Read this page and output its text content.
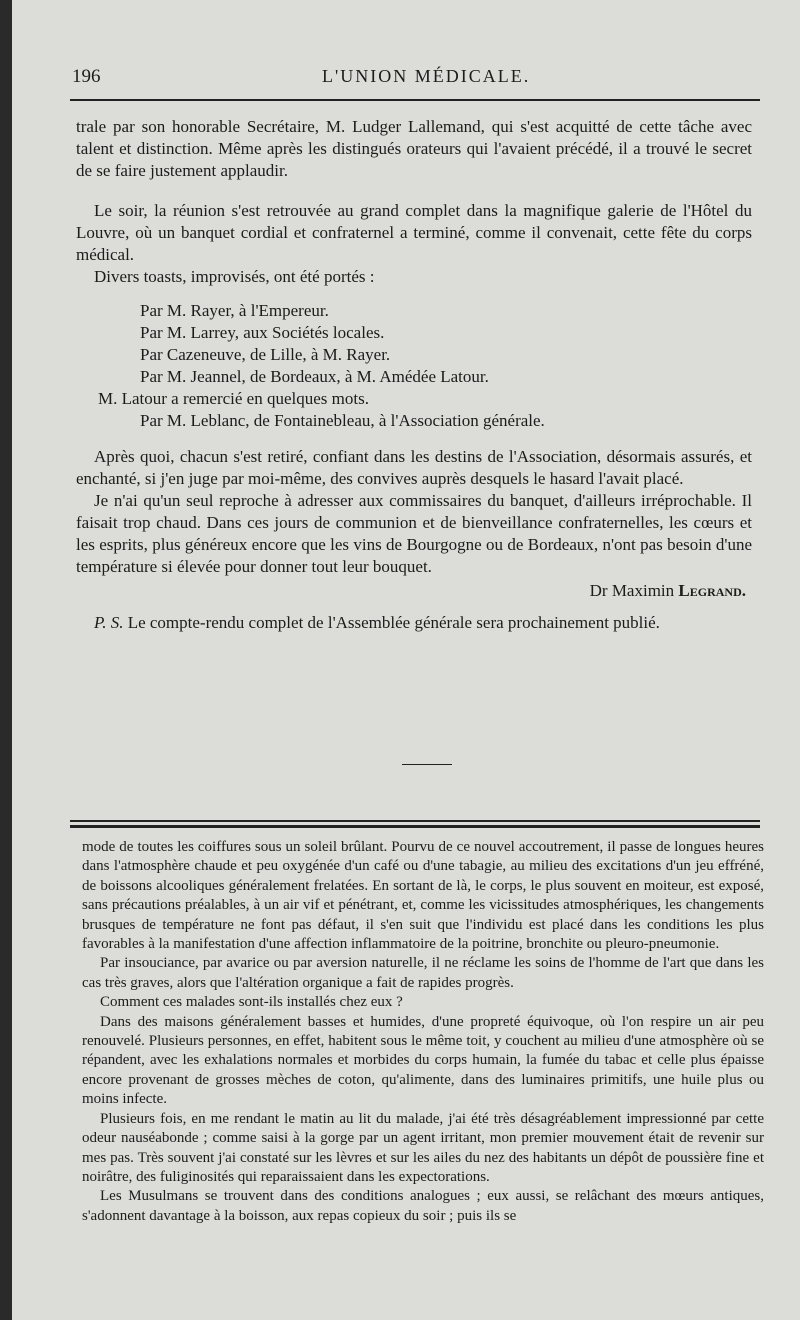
196	L'UNION MÉDICALE.

trale par son honorable Secrétaire, M. Ludger Lallemand, qui s'est acquitté de cette tâche avec talent et distinction. Même après les distingués orateurs qui l'avaient précédé, il a trouvé le secret de se faire justement applaudir.

Le soir, la réunion s'est retrouvée au grand complet dans la magnifique galerie de l'Hôtel du Louvre, où un banquet cordial et confraternel a terminé, comme il convenait, cette fête du corps médical.

Divers toasts, improvisés, ont été portés :

Par M. Rayer, à l'Empereur.

Par M. Larrey, aux Sociétés locales.

Par Cazeneuve, de Lille, à M. Rayer.

Par M. Jeannel, de Bordeaux, à M. Amédée Latour.

M. Latour a remercié en quelques mots.

Par M. Leblanc, de Fontainebleau, à l'Association générale.

Après quoi, chacun s'est retiré, confiant dans les destins de l'Association, désormais assurés, et enchanté, si j'en juge par moi-même, des convives auprès desquels le hasard l'avait placé.

Je n'ai qu'un seul reproche à adresser aux commissaires du banquet, d'ailleurs irréprochable. Il faisait trop chaud. Dans ces jours de communion et de bienveillance confraternelles, les cœurs et les esprits, plus généreux encore que les vins de Bourgogne ou de Bordeaux, n'ont pas besoin d'une température si élevée pour donner tout leur bouquet.

Dr Maximin Legrand.

P. S. Le compte-rendu complet de l'Assemblée générale sera prochainement publié.

mode de toutes les coiffures sous un soleil brûlant. Pourvu de ce nouvel accoutrement, il passe de longues heures dans l'atmosphère chaude et peu oxygénée d'un café ou d'une tabagie, au milieu des excitations d'un jeu effréné, de boissons alcooliques généralement frelatées. En sortant de là, le corps, le plus souvent en moiteur, est exposé, sans précautions préalables, à un air vif et pénétrant, et, comme les vicissitudes atmosphériques, les changements brusques de température ne font pas défaut, il s'en suit que l'individu est placé dans les conditions les plus favorables à la manifestation d'une affection inflammatoire de la poitrine, bronchite ou pleuro-pneumonie.

Par insouciance, par avarice ou par aversion naturelle, il ne réclame les soins de l'homme de l'art que dans les cas très graves, alors que l'altération organique a fait de rapides progrès.

Comment ces malades sont-ils installés chez eux ?

Dans des maisons généralement basses et humides, d'une propreté équivoque, où l'on respire un air peu renouvelé. Plusieurs personnes, en effet, habitent sous le même toit, y couchent au milieu d'une atmosphère où se répandent, avec les exhalations normales et morbides du corps humain, la fumée du tabac et celle plus épaisse encore provenant de grosses mèches de coton, qu'alimente, dans des luminaires primitifs, une huile plus ou moins infecte.

Plusieurs fois, en me rendant le matin au lit du malade, j'ai été très désagréablement impressionné par cette odeur nauséabonde ; comme saisi à la gorge par un agent irritant, mon premier mouvement était de revenir sur mes pas. Très souvent j'ai constaté sur les lèvres et sur les ailes du nez des habitants un dépôt de poussière fine et noirâtre, des fuliginosités qui reparaissaient dans les expectorations.

Les Musulmans se trouvent dans des conditions analogues ; eux aussi, se relâchant des mœurs antiques, s'adonnent davantage à la boisson, aux repas copieux du soir ; puis ils se
